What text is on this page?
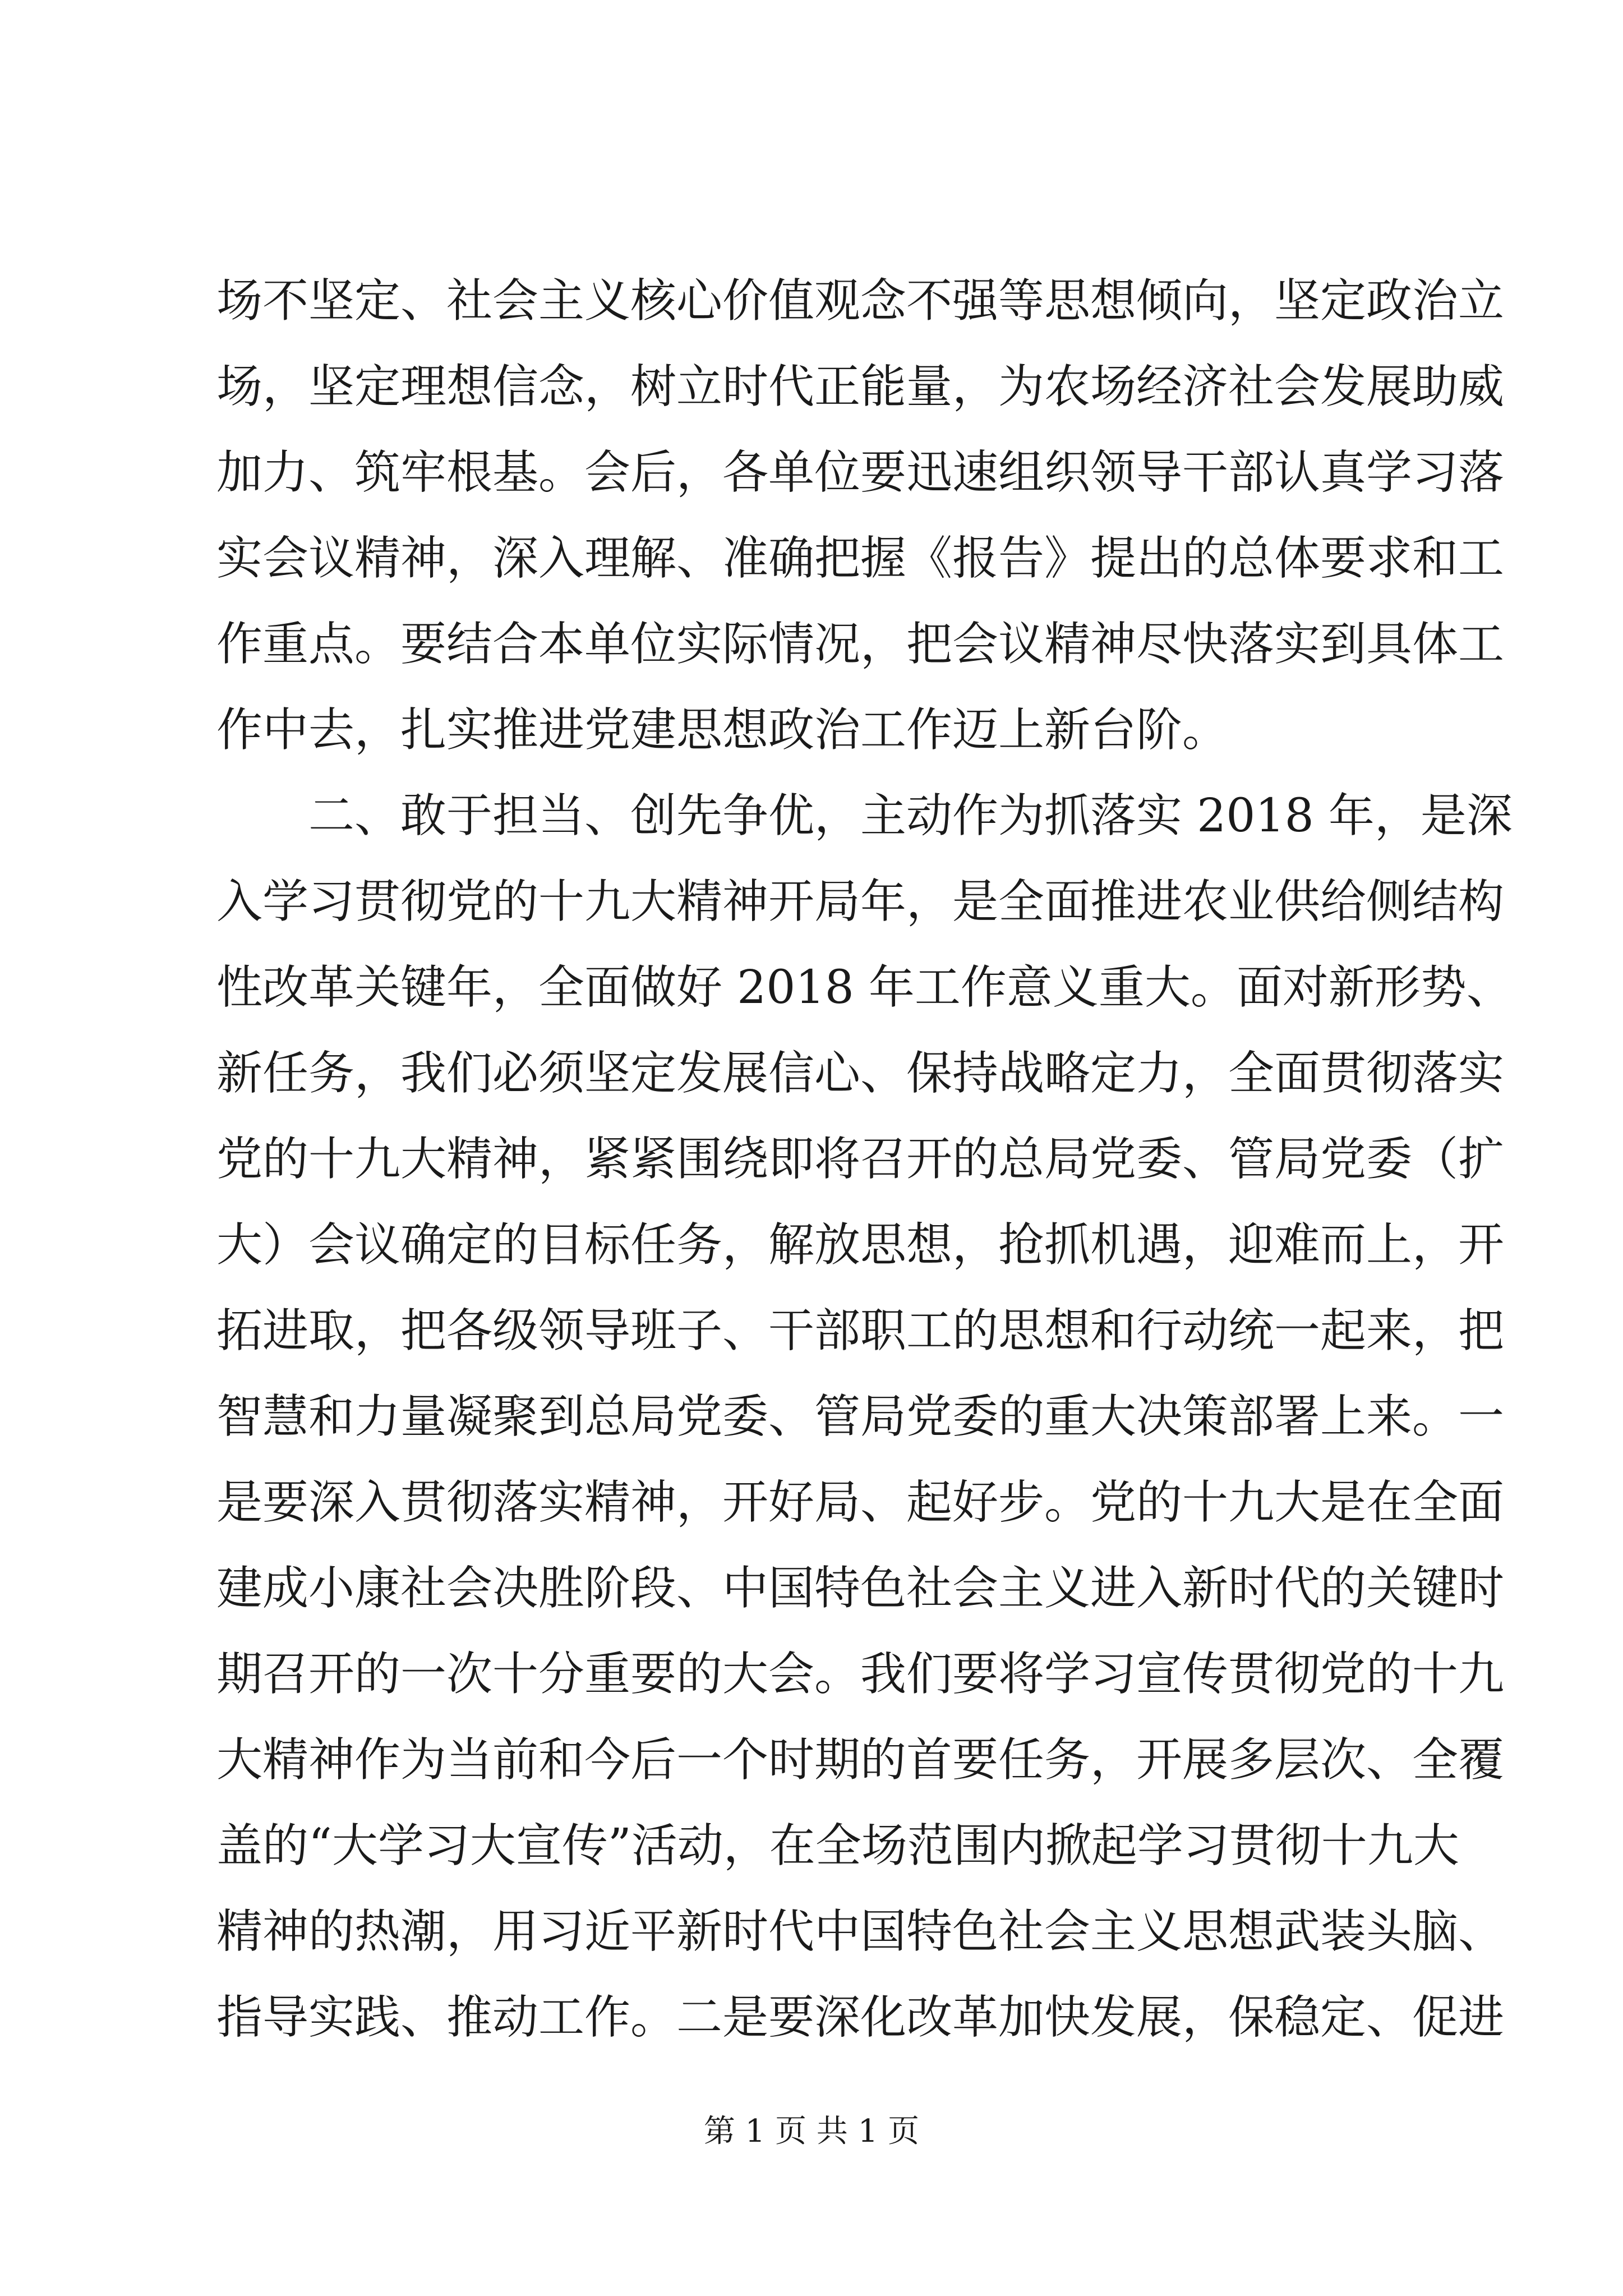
场不坚定、社会主义核心价值观念不强等思想倾向，坚定政治立
场，坚定理想信念，树立时代正能量，为农场经济社会发展助威
加力、筑牢根基。会后，各单位要迅速组织领导干部认真学习落
实会议精神，深入理解、准确把握《报告》提出的总体要求和工
作重点。要结合本单位实际情况，把会议精神尽快落实到具体工
作中去，扎实推进党建思想政治工作迈上新台阶。
　　二、敢于担当、创先争优，主动作为抓落实 2018 年，是深
入学习贯彻党的十九大精神开局年，是全面推进农业供给侧结构
性改革关键年，全面做好 2018 年工作意义重大。面对新形势、
新任务，我们必须坚定发展信心、保持战略定力，全面贯彻落实
党的十九大精神，紧紧围绕即将召开的总局党委、管局党委（扩
大）会议确定的目标任务，解放思想，抢抓机遇，迎难而上，开
拓进取，把各级领导班子、干部职工的思想和行动统一起来，把
智慧和力量凝聚到总局党委、管局党委的重大决策部署上来。一
是要深入贯彻落实精神，开好局、起好步。党的十九大是在全面
建成小康社会决胜阶段、中国特色社会主义进入新时代的关键时
期召开的一次十分重要的大会。我们要将学习宣传贯彻党的十九
大精神作为当前和今后一个时期的首要任务，开展多层次、全覆
盖的“大学习大宣传”活动，在全场范围内掀起学习贯彻十九大
精神的热潮，用习近平新时代中国特色社会主义思想武装头脑、
指导实践、推动工作。二是要深化改革加快发展，保稳定、促进
第 1 页 共 1 页
